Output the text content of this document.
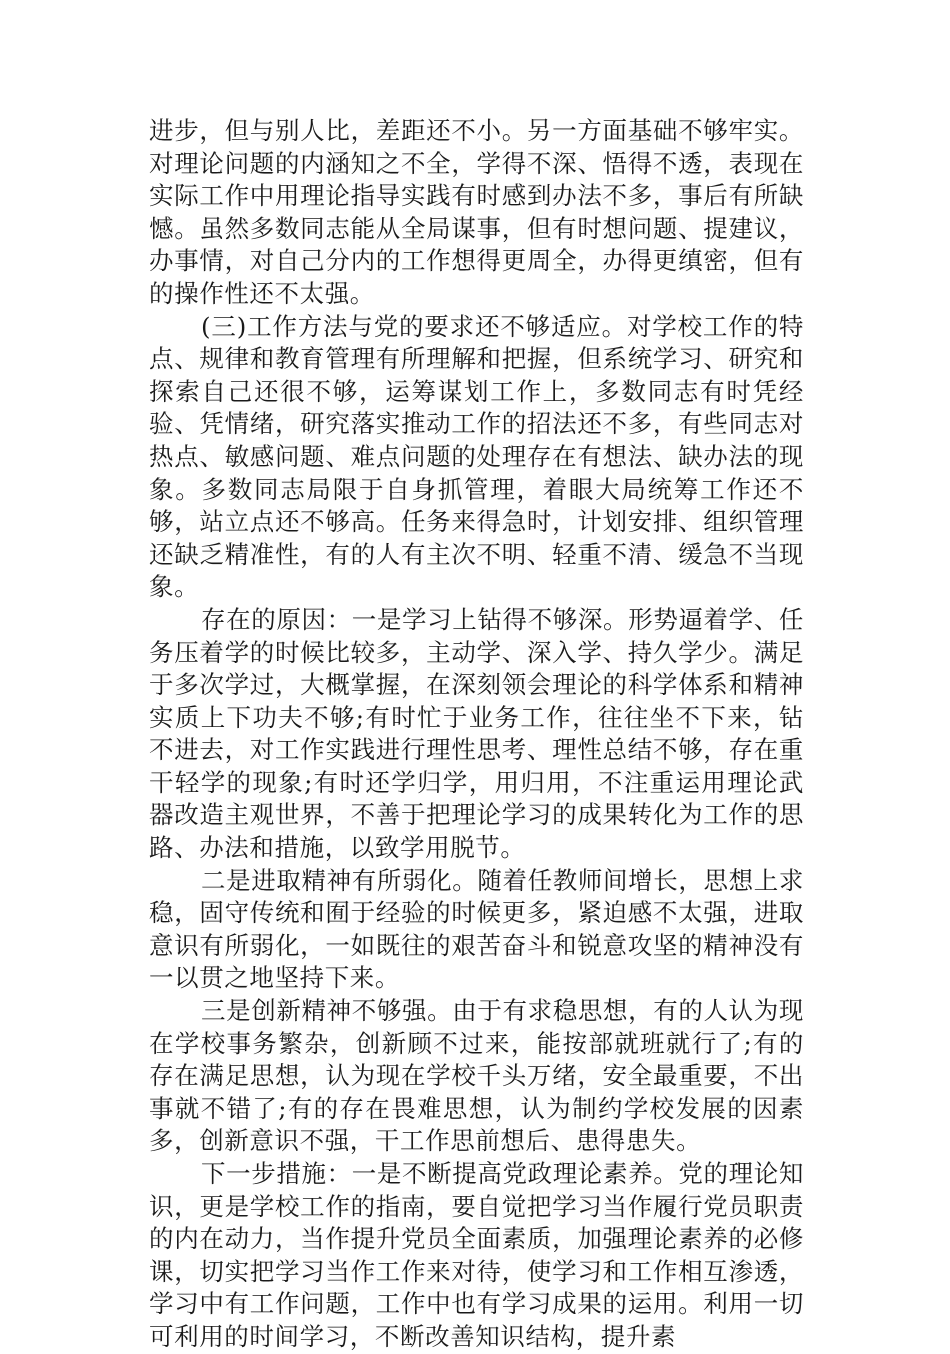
进步，但与别人比，差距还不小。另一方面基础不够牢实。对理论问题的内涵知之不全，学得不深、悟得不透，表现在实际工作中用理论指导实践有时感到办法不多，事后有所缺憾。虽然多数同志能从全局谋事，但有时想问题、提建议，办事情，对自己分内的工作想得更周全，办得更缜密，但有的操作性还不太强。

(三)工作方法与党的要求还不够适应。对学校工作的特点、规律和教育管理有所理解和把握，但系统学习、研究和探索自己还很不够，运筹谋划工作上，多数同志有时凭经验、凭情绪，研究落实推动工作的招法还不多，有些同志对热点、敏感问题、难点问题的处理存在有想法、缺办法的现象。多数同志局限于自身抓管理，着眼大局统筹工作还不够，站立点还不够高。任务来得急时，计划安排、组织管理还缺乏精准性，有的人有主次不明、轻重不清、缓急不当现象。

存在的原因：一是学习上钻得不够深。形势逼着学、任务压着学的时候比较多，主动学、深入学、持久学少。满足于多次学过，大概掌握，在深刻领会理论的科学体系和精神实质上下功夫不够;有时忙于业务工作，往往坐不下来，钻不进去，对工作实践进行理性思考、理性总结不够，存在重干轻学的现象;有时还学归学，用归用，不注重运用理论武器改造主观世界，不善于把理论学习的成果转化为工作的思路、办法和措施，以致学用脱节。

二是进取精神有所弱化。随着任教师间增长，思想上求稳，固守传统和囿于经验的时候更多，紧迫感不太强，进取意识有所弱化，一如既往的艰苦奋斗和锐意攻坚的精神没有一以贯之地坚持下来。

三是创新精神不够强。由于有求稳思想，有的人认为现在学校事务繁杂，创新顾不过来，能按部就班就行了;有的存在满足思想，认为现在学校千头万绪，安全最重要，不出事就不错了;有的存在畏难思想，认为制约学校发展的因素多，创新意识不强，干工作思前想后、患得患失。

下一步措施：一是不断提高党政理论素养。党的理论知识，更是学校工作的指南，要自觉把学习当作履行党员职责的内在动力，当作提升党员全面素质，加强理论素养的必修课，切实把学习当作工作来对待，使学习和工作相互渗透，学习中有工作问题，工作中也有学习成果的运用。利用一切可利用的时间学习，不断改善知识结构，提升素
